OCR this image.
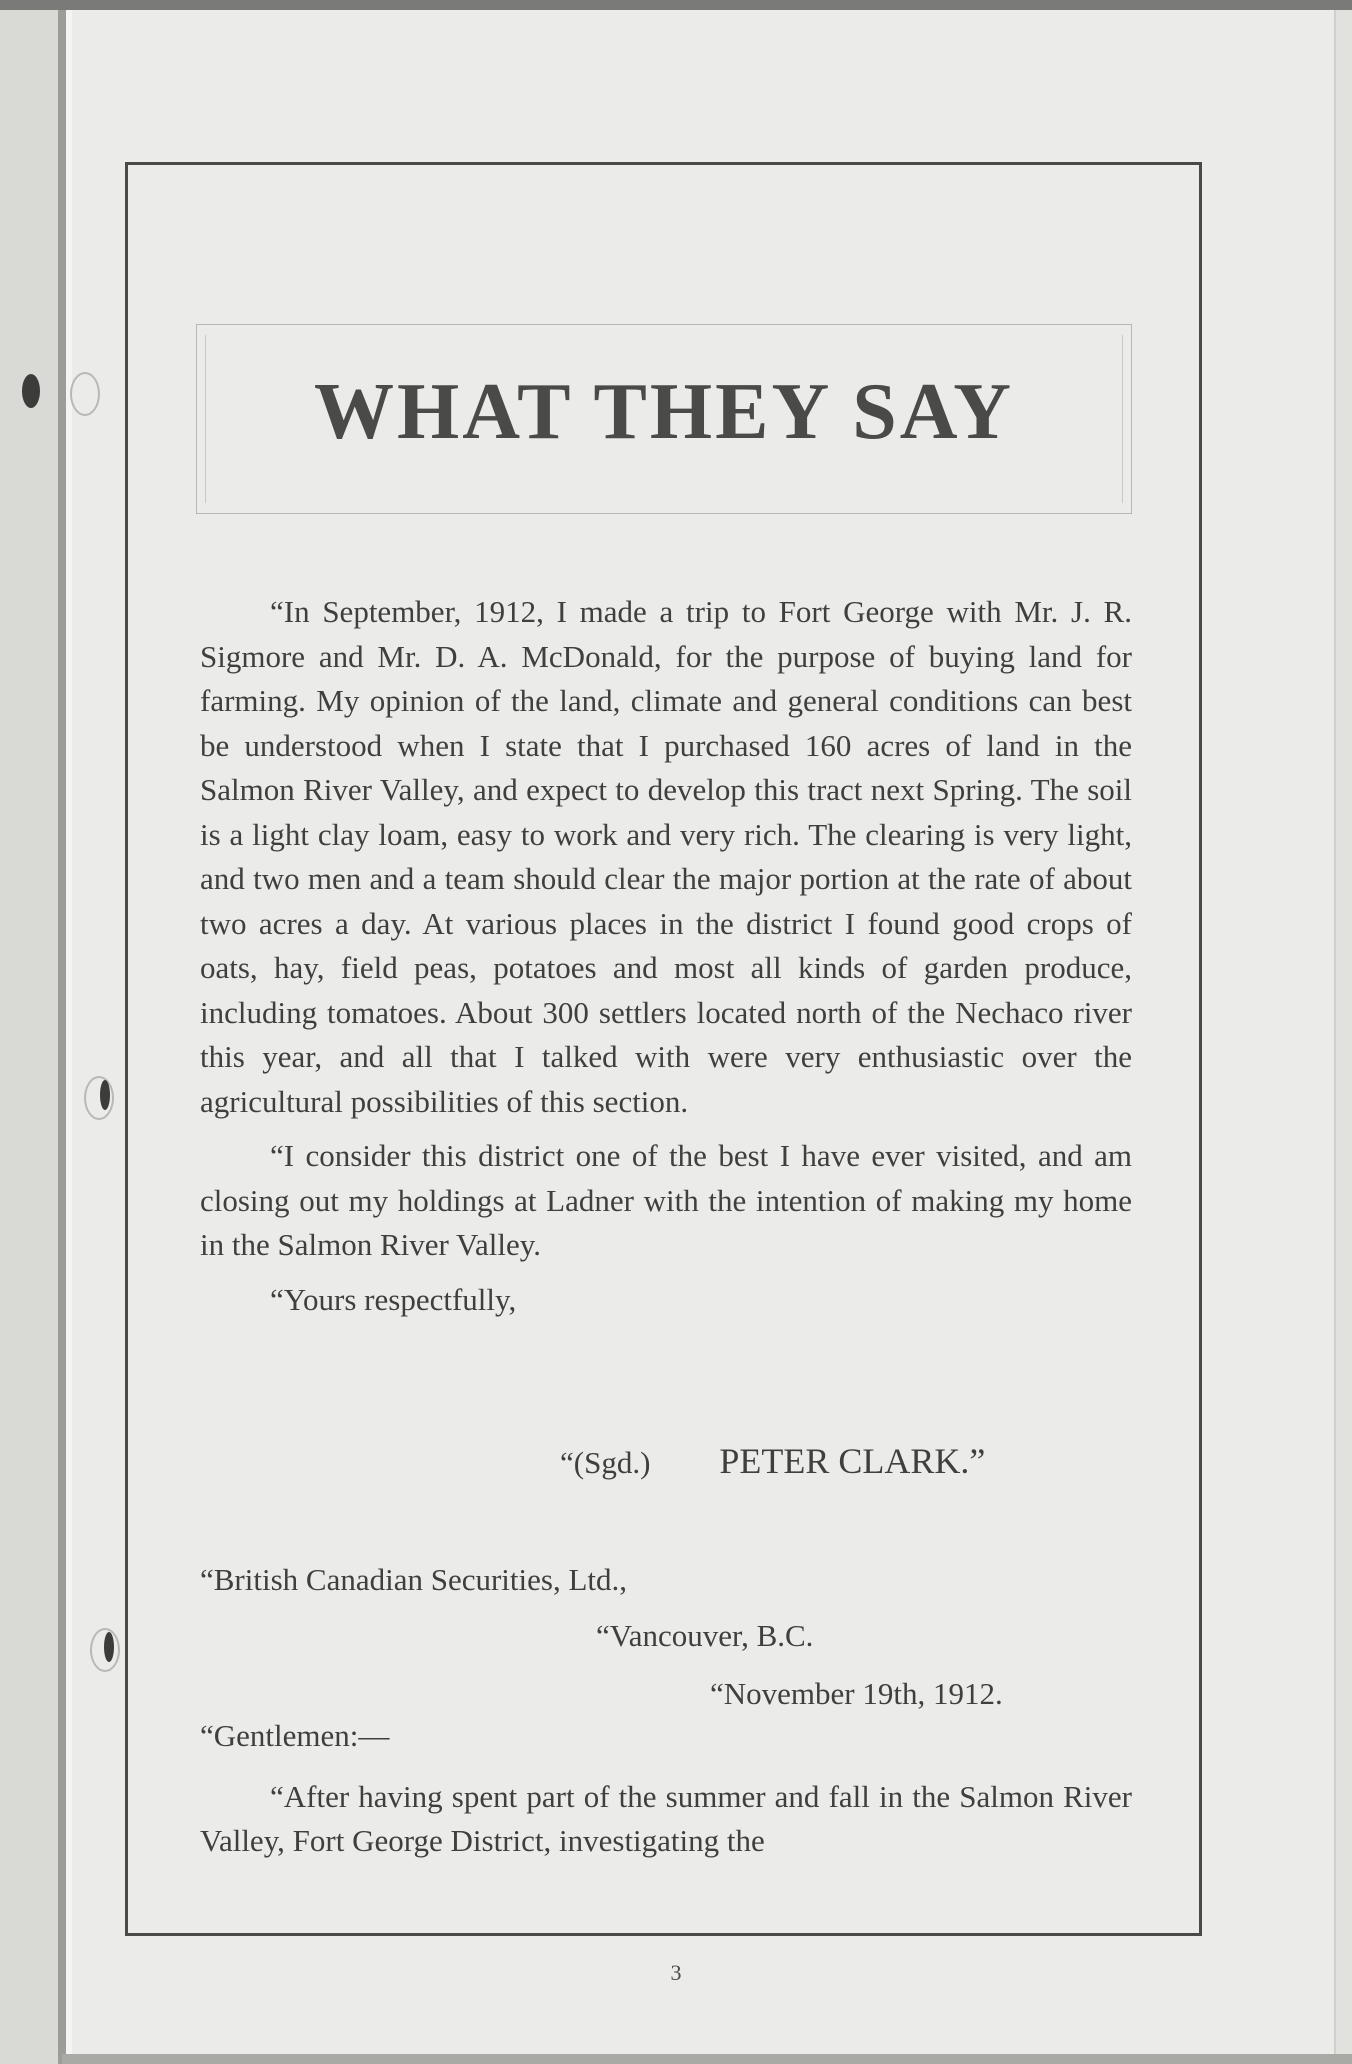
WHAT THEY SAY

“In September, 1912, I made a trip to Fort George with Mr. J. R. Sigmore and Mr. D. A. McDonald, for the purpose of buying land for farming. My opinion of the land, climate and general conditions can best be understood when I state that I purchased 160 acres of land in the Salmon River Valley, and expect to develop this tract next Spring. The soil is a light clay loam, easy to work and very rich. The clearing is very light, and two men and a team should clear the major portion at the rate of about two acres a day. At various places in the district I found good crops of oats, hay, field peas, potatoes and most all kinds of garden produce, including tomatoes. About 300 settlers located north of the Nechaco river this year, and all that I talked with were very enthusiastic over the agricultural possibilities of this section.

“I consider this district one of the best I have ever visited, and am closing out my holdings at Ladner with the intention of making my home in the Salmon River Valley.

“Yours respectfully,

“(Sgd.) PETER CLARK.”
“British Canadian Securities, Ltd.,
“Vancouver, B.C.
“November 19th, 1912.
“Gentlemen:—
“After having spent part of the summer and fall in the Salmon River Valley, Fort George District, investigating the
3
